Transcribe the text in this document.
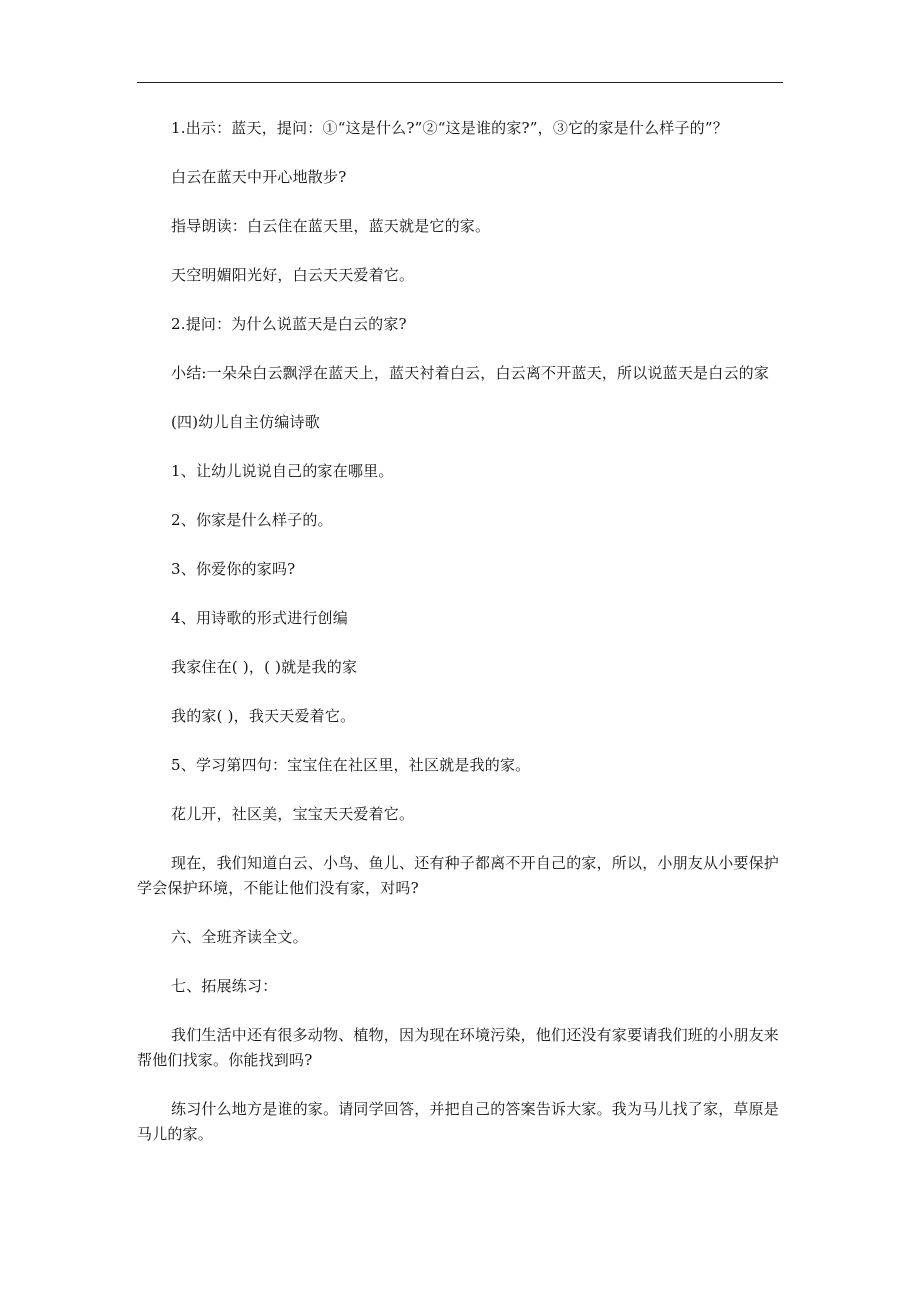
1.出示：蓝天，提问：①“这是什么?”②“这是谁的家?”，③它的家是什么样子的”？

白云在蓝天中开心地散步?

指导朗读：白云住在蓝天里，蓝天就是它的家。

天空明媚阳光好，白云天天爱着它。

2.提问：为什么说蓝天是白云的家?

小结:一朵朵白云飘浮在蓝天上，蓝天衬着白云，白云离不开蓝天，所以说蓝天是白云的家

(四)幼儿自主仿编诗歌

1、让幼儿说说自己的家在哪里。

2、你家是什么样子的。

3、你爱你的家吗?

4、用诗歌的形式进行创编

我家住在( )，( )就是我的家

我的家( )，我天天爱着它。

5、学习第四句：宝宝住在社区里，社区就是我的家。

花儿开，社区美，宝宝天天爱着它。

现在，我们知道白云、小鸟、鱼儿、还有种子都离不开自己的家，所以，小朋友从小要保护学会保护环境，不能让他们没有家，对吗?

六、全班齐读全文。

七、拓展练习：

我们生活中还有很多动物、植物，因为现在环境污染，他们还没有家要请我们班的小朋友来帮他们找家。你能找到吗?

练习什么地方是谁的家。请同学回答，并把自己的答案告诉大家。我为马儿找了家，草原是马儿的家。
